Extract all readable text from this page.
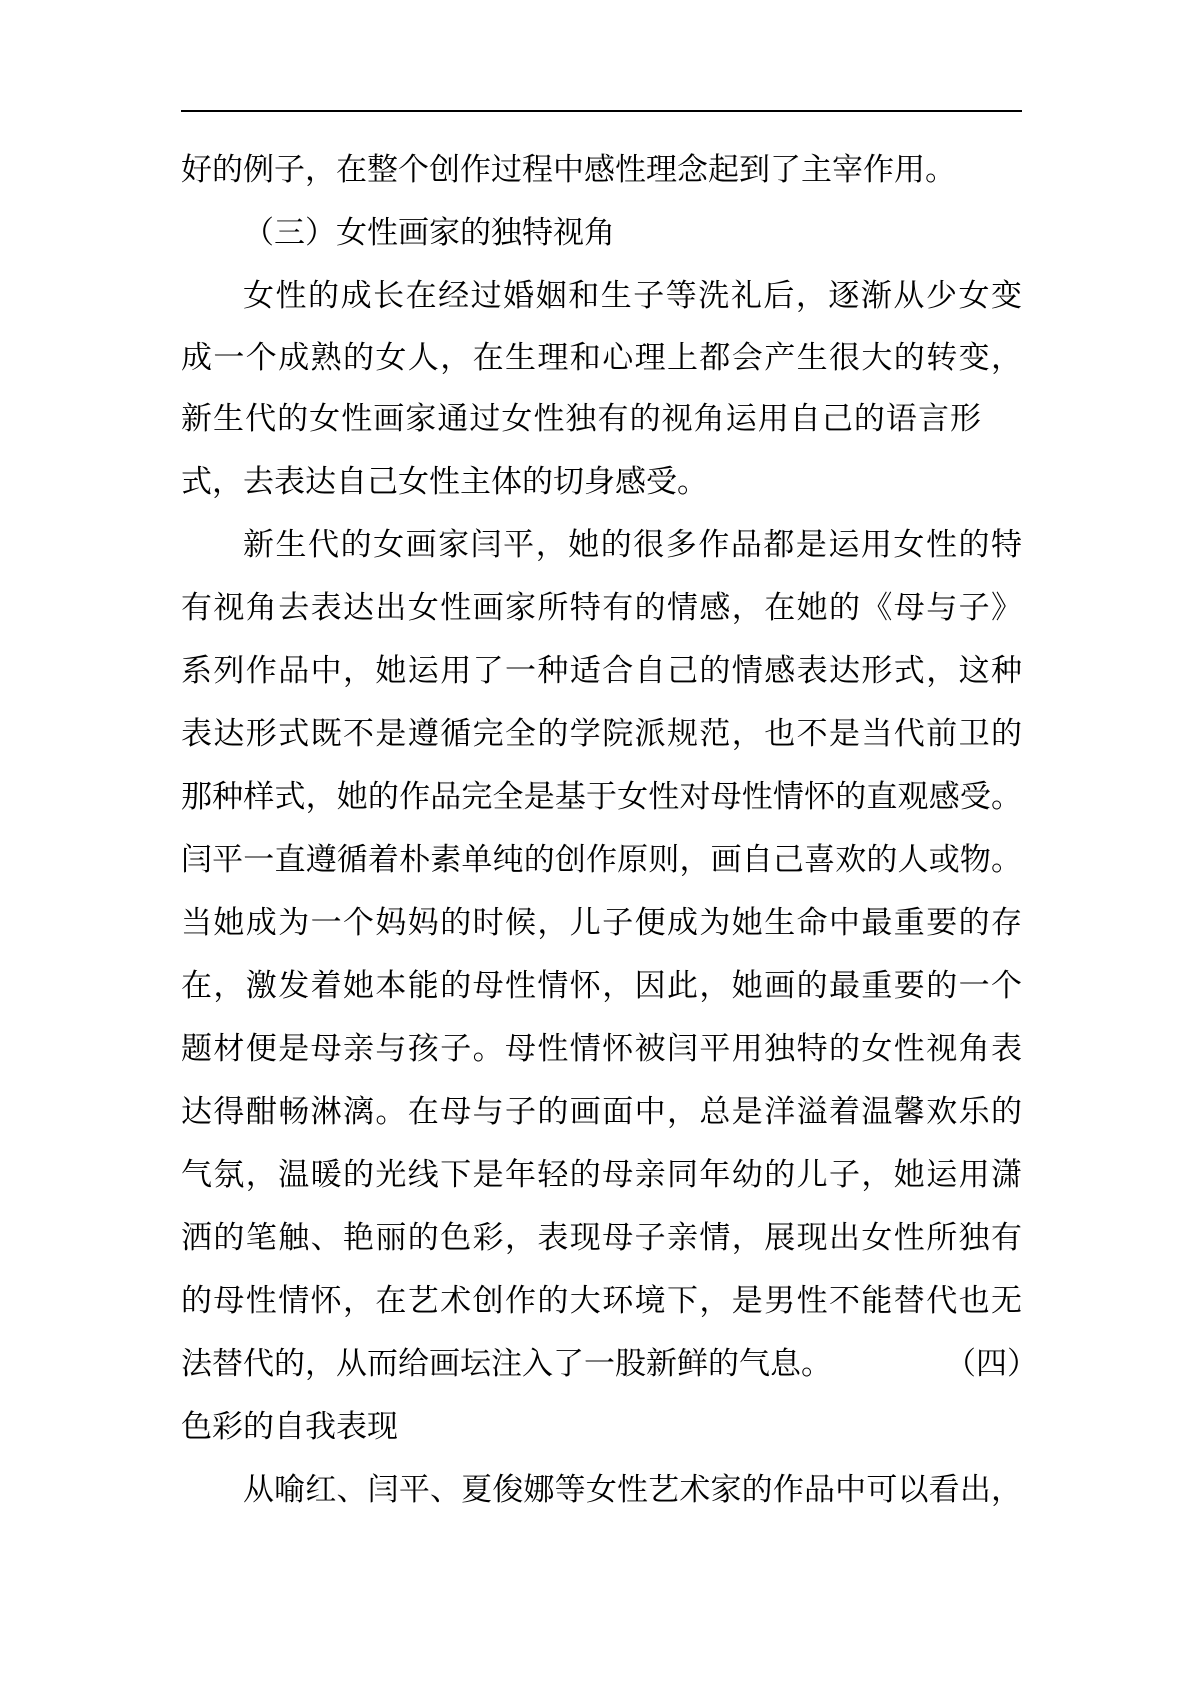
好的例子，在整个创作过程中感性理念起到了主宰作用。
（三）女性画家的独特视角
女性的成长在经过婚姻和生子等洗礼后，逐渐从少女变
成一个成熟的女人，在生理和心理上都会产生很大的转变，
新生代的女性画家通过女性独有的视角运用自己的语言形
式，去表达自己女性主体的切身感受。
新生代的女画家闫平，她的很多作品都是运用女性的特
有视角去表达出女性画家所特有的情感，在她的《母与子》
系列作品中，她运用了一种适合自己的情感表达形式，这种
表达形式既不是遵循完全的学院派规范，也不是当代前卫的
那种样式，她的作品完全是基于女性对母性情怀的直观感受。
闫平一直遵循着朴素单纯的创作原则，画自己喜欢的人或物。
当她成为一个妈妈的时候，儿子便成为她生命中最重要的存
在，激发着她本能的母性情怀，因此，她画的最重要的一个
题材便是母亲与孩子。母性情怀被闫平用独特的女性视角表
达得酣畅淋漓。在母与子的画面中，总是洋溢着温馨欢乐的
气氛，温暖的光线下是年轻的母亲同年幼的儿子，她运用潇
洒的笔触、艳丽的色彩，表现母子亲情，展现出女性所独有
的母性情怀，在艺术创作的大环境下，是男性不能替代也无
法替代的，从而给画坛注入了一股新鲜的气息。	（四）
色彩的自我表现
从喻红、闫平、夏俊娜等女性艺术家的作品中可以看出，
